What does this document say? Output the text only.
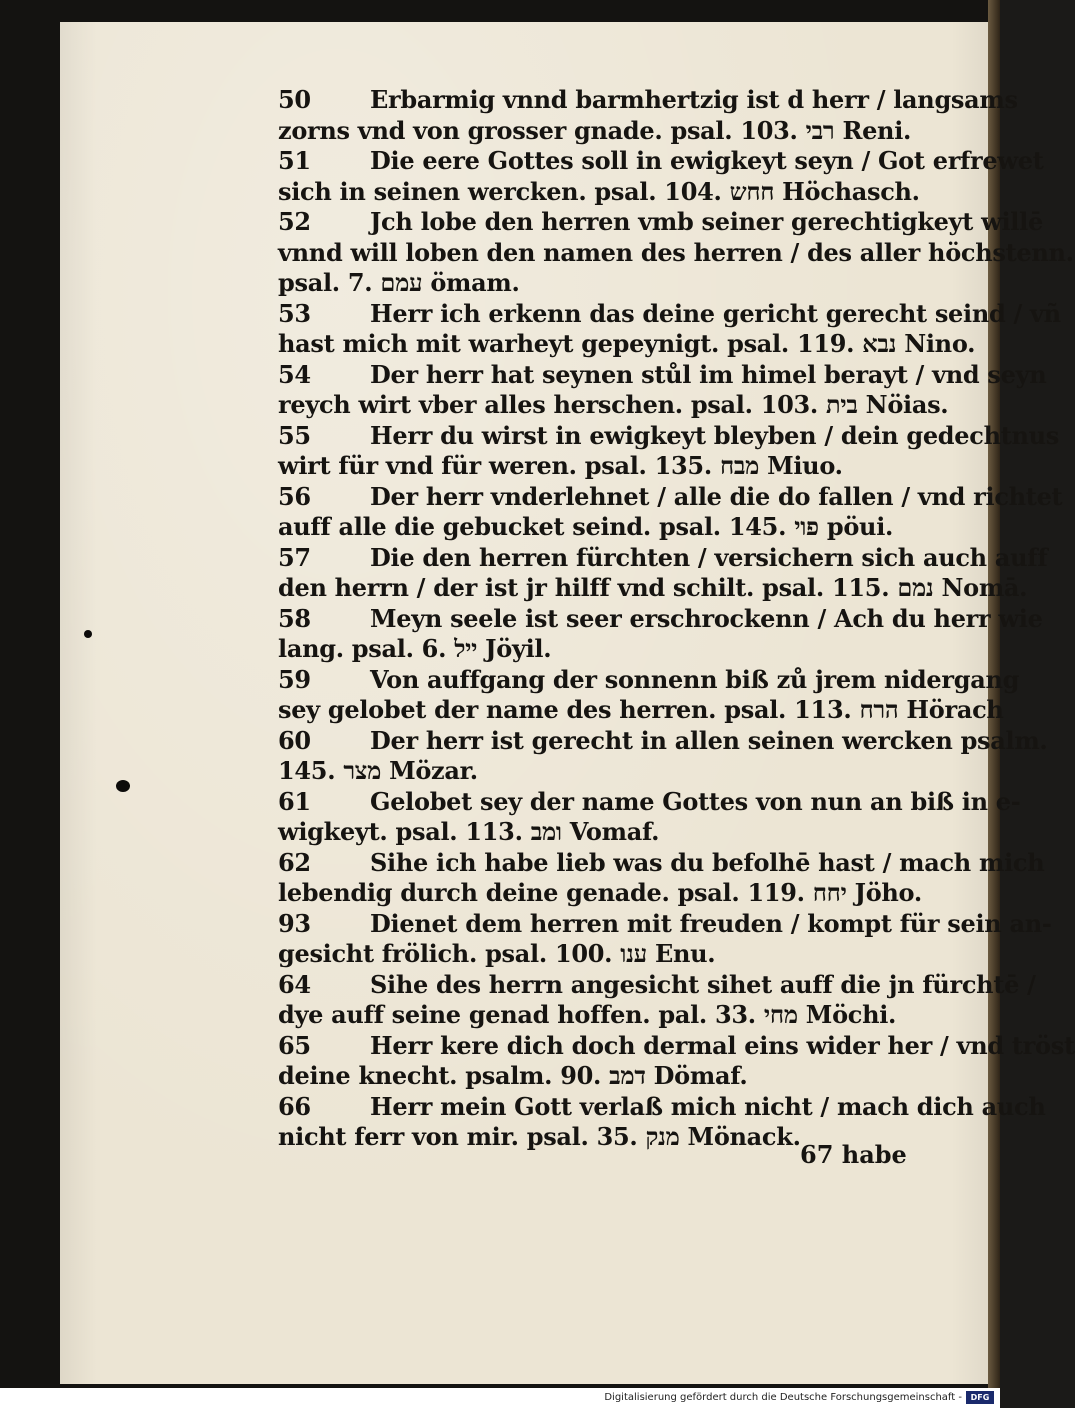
50 Erbarmig vnnd barmhertzig ist d herr / langsams
zorns vnd von grosser gnade. psal. 103. רבי Reni.
51 Die eere Gottes soll in ewigkeyt seyn / Got erfrewet
sich in seinen wercken. psal. 104. חחש Höchasch.
52 Jch lobe den herren vmb seiner gerechtigkeyt willē
vnnd will loben den namen des herren / des aller höchstenn.
psal. 7. עמם ömam.
53 Herr ich erkenn das deine gericht gerecht seind / vñ
hast mich mit warheyt gepeynigt. psal. 119. נבא Nino.
54 Der herr hat seynen stůl im himel berayt / vnd seyn
reych wirt vber alles herschen. psal. 103. בית Nöias.
55 Herr du wirst in ewigkeyt bleyben / dein gedechtnus
wirt für vnd für weren. psal. 135. מבח Miuo.
56 Der herr vnderlehnet / alle die do fallen / vnd richtet
auff alle die gebucket seind. psal. 145. פוי pöui.
57 Die den herren fürchten / versichern sich auch auff
den herrn / der ist jr hilff vnd schilt. psal. 115. נמם Nomā.
58 Meyn seele ist seer erschrockenn / Ach du herr wie
lang. psal. 6. ייל Jöyil.
59 Von auffgang der sonnenn biß zů jrem nidergang
sey gelobet der name des herren. psal. 113. הרח Hörach
60 Der herr ist gerecht in allen seinen wercken psalm.
145. מצר Mözar.
61 Gelobet sey der name Gottes von nun an biß in e-
wigkeyt. psal. 113. ומב Vomaf.
62 Sihe ich habe lieb was du befolhē hast / mach mich
lebendig durch deine genade. psal. 119. יחח Jöho.
93 Dienet dem herren mit freuden / kompt für sein an-
gesicht frölich. psal. 100. ענו Enu.
64 Sihe des herrn angesicht sihet auff die jn fürchtē /
dye auff seine genad hoffen. pal. 33. מחי Möchi.
65 Herr kere dich doch dermal eins wider her / vnd tröst
deine knecht. psalm. 90. דמב Dömaf.
66 Herr mein Gott verlaß mich nicht / mach dich auch
nicht ferr von mir. psal. 35. מנק Mönack.
67 habe
Digitalisierung gefördert durch die Deutsche Forschungsgemeinschaft -	DFG
